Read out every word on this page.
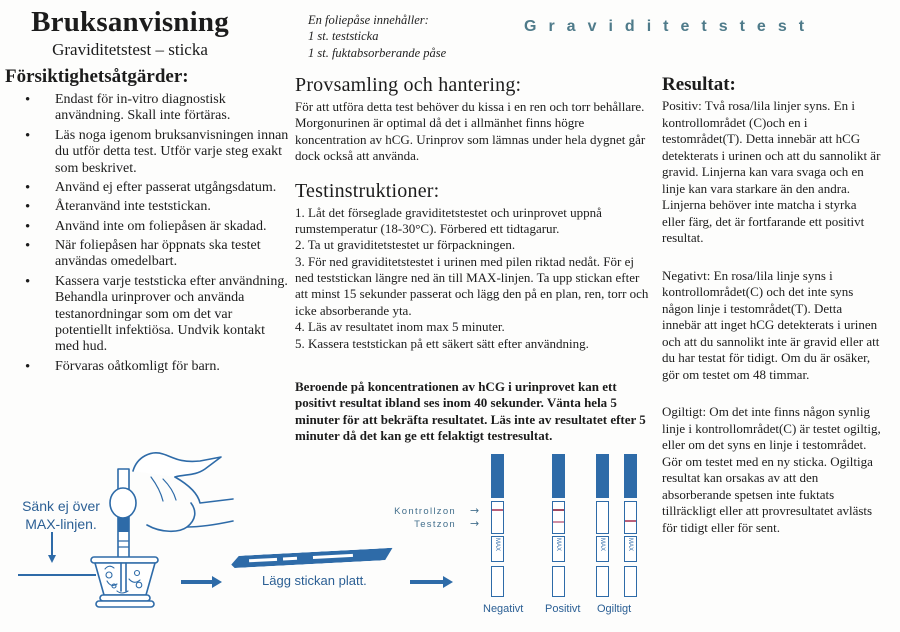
Bruksanvisning
Graviditetstest – sticka
En foliepåse innehåller:
1 st. teststicka
1 st. fuktabsorberande påse
Graviditetstest
Försiktighetsåtgärder:
• Endast för in-vitro diagnostisk användning. Skall inte förtäras.
• Läs noga igenom bruksanvisningen innan du utför detta test. Utför varje steg exakt som beskrivet.
• Använd ej efter passerat utgångsdatum.
• Återanvänd inte teststickan.
• Använd inte om foliepåsen är skadad.
• När foliepåsen har öppnats ska testet användas omedelbart.
• Kassera varje teststicka efter användning. Behandla urinprover och använda testanordningar som om det var potentiellt infektiösa. Undvik kontakt med hud.
• Förvaras oåtkomligt för barn.
Provsamling och hantering:
För att utföra detta test behöver du kissa i en ren och torr behållare. Morgonurinen är optimal då det i allmänhet finns högre koncentration av hCG. Urinprov som lämnas under hela dygnet går dock också att använda.
Testinstruktioner:
1. Låt det förseglade graviditetstestet och urinprovet uppnå rumstemperatur (18-30°C). Förbered ett tidtagarur.
2. Ta ut graviditetstestet ur förpackningen.
3. För ned graviditetstestet i urinen med pilen riktad nedåt. För ej ned teststickan längre ned än till MAX-linjen. Ta upp stickan efter att minst 15 sekunder passerat och lägg den på en plan, ren, torr och icke absorberande yta.
4. Läs av resultatet inom max 5 minuter.
5. Kassera teststickan på ett säkert sätt efter användning.
Beroende på koncentrationen av hCG i urinprovet kan ett positivt resultat ibland ses inom 40 sekunder. Vänta hela 5 minuter för att bekräfta resultatet. Läs inte av resultatet efter 5 minuter då det kan ge ett felaktigt testresultat.
Resultat:

Positiv: Två rosa/lila linjer syns. En i kontrollområdet (C)och en i testområdet(T). Detta innebär att hCG detekterats i urinen och att du sannolikt är gravid. Linjerna kan vara svaga och en linje kan vara starkare än den andra. Linjerna behöver inte matcha i styrka eller färg, det är fortfarande ett positivt resultat.

Negativt: En rosa/lila linje syns i kontrollområdet(C) och det inte syns någon linje i testområdet(T). Detta innebär att inget hCG detekterats i urinen och att du sannolikt inte är gravid eller att du har testat för tidigt. Om du är osäker, gör om testet om 48 timmar.

Ogiltigt: Om det inte finns någon synlig linje i kontrollområdet(C) är testet ogiltig, eller om det syns en linje i testområdet. Gör om testet med en ny sticka. Ogiltiga resultat kan orsakas av att den absorberande spetsen inte fuktats tillräckligt eller att provresultatet avlästs för tidigt eller för sent.

Sänk ej över
MAX-linjen.
Lägg stickan platt.
Kontrollzon
Testzon
→
→
MAX	MAX	MAX	MAX
Negativt Positivt Ogiltigt
